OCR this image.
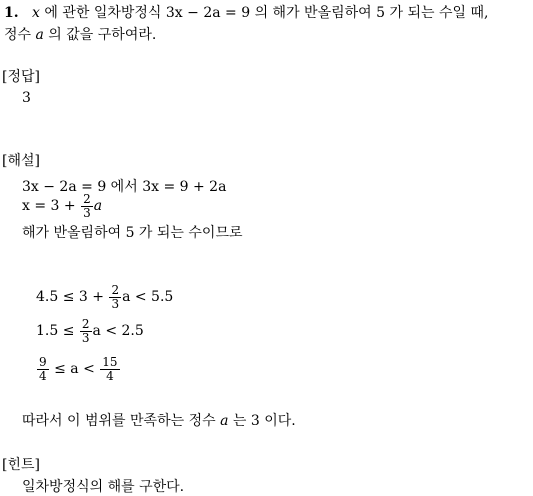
1. x 에 관한 일차방정식 3x − 2a = 9 의 해가 반올림하여 5 가 되는 수일 때,
정수 a 의 값을 구하여라.
[정답]
3
[해설]
3x − 2a = 9 에서 3x = 9 + 2a
$x = 3 + \frac{2}{3}$ a
해가 반올림하여 5 가 되는 수이므로
$4.5 \le 3 + \frac{2}{3}$ a < 5.5
$1.5 \le \frac{2}{3}$ a < 2.5
$\frac{9}{4} \le a < \frac{15}{4}$
따라서 이 범위를 만족하는 정수 a 는 3 이다.
[힌트]
일차방정식의 해를 구한다.
